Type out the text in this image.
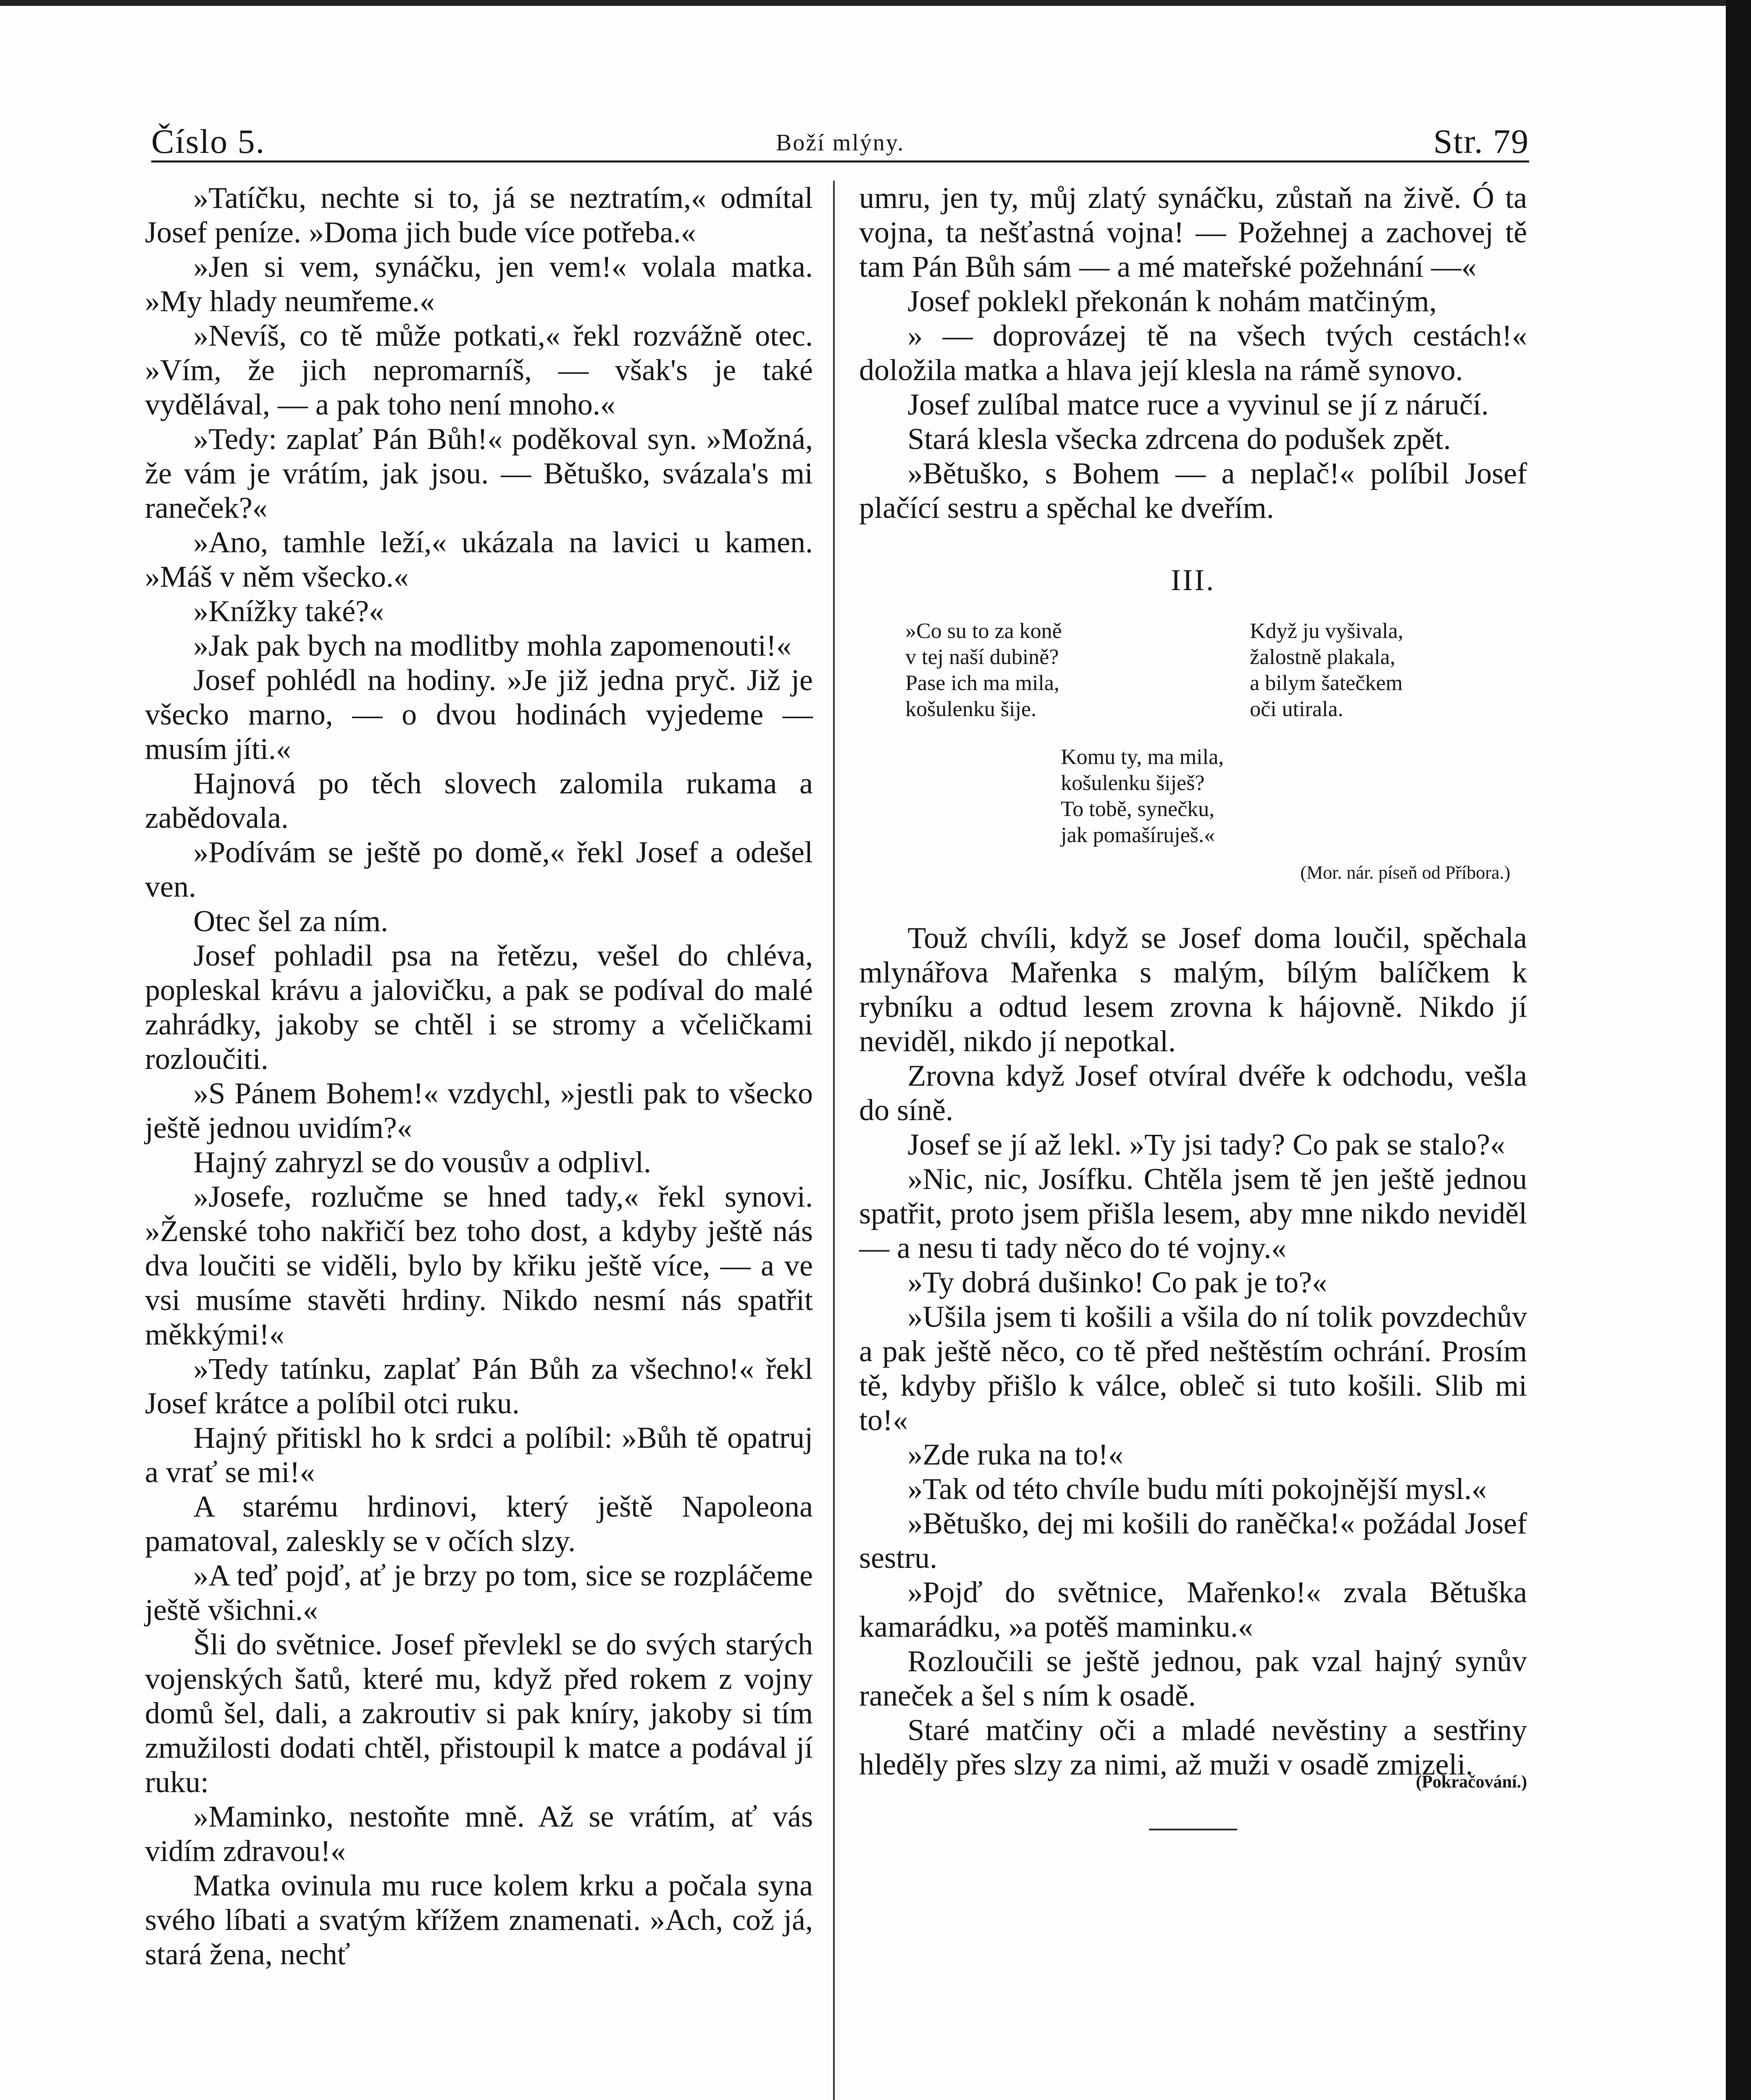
Číslo 5.	Boží mlýny.	Str. 79

»Tatíčku, nechte si to, já se neztratím,« odmítal Josef peníze. »Doma jich bude více potřeba.«

»Jen si vem, synáčku, jen vem!« volala matka. »My hlady neumřeme.«

»Nevíš, co tě může potkati,« řekl rozvážně otec. »Vím, že jich nepromarníš, — však's je také vydělával, — a pak toho není mnoho.«

»Tedy: zaplať Pán Bůh!« poděkoval syn. »Možná, že vám je vrátím, jak jsou. — Bětuško, svázala's mi raneček?«

»Ano, tamhle leží,« ukázala na lavici u kamen. »Máš v něm všecko.«

»Knížky také?«

»Jak pak bych na modlitby mohla zapomenouti!«

Josef pohlédl na hodiny. »Je již jedna pryč. Již je všecko marno, — o dvou hodinách vyjedeme — musím jíti.«

Hajnová po těch slovech zalomila rukama a zabědovala.

»Podívám se ještě po domě,« řekl Josef a odešel ven.

Otec šel za ním.

Josef pohladil psa na řetězu, vešel do chléva, popleskal krávu a jalovičku, a pak se podíval do malé zahrádky, jakoby se chtěl i se stromy a včeličkami rozloučiti.

»S Pánem Bohem!« vzdychl, »jestli pak to všecko ještě jednou uvidím?«

Hajný zahryzl se do vousův a odplivl.

»Josefe, rozlučme se hned tady,« řekl synovi. »Ženské toho nakřičí bez toho dost, a kdyby ještě nás dva loučiti se viděli, bylo by křiku ještě více, — a ve vsi musíme stavěti hrdiny. Nikdo nesmí nás spatřit měkkými!«

»Tedy tatínku, zaplať Pán Bůh za všechno!« řekl Josef krátce a políbil otci ruku.

Hajný přitiskl ho k srdci a políbil: »Bůh tě opatruj a vrať se mi!«

A starému hrdinovi, který ještě Napoleona pamatoval, zaleskly se v očích slzy.

»A teď pojď, ať je brzy po tom, sice se rozpláčeme ještě všichni.«

Šli do světnice. Josef převlekl se do svých starých vojenských šatů, které mu, když před rokem z vojny domů šel, dali, a zakroutiv si pak kníry, jakoby si tím zmužilosti dodati chtěl, přistoupil k matce a podával jí ruku:

»Maminko, nestoňte mně. Až se vrátím, ať vás vidím zdravou!«

Matka ovinula mu ruce kolem krku a počala syna svého líbati a svatým křížem znamenati. »Ach, což já, stará žena, nechť

umru, jen ty, můj zlatý synáčku, zůstaň na živě. Ó ta vojna, ta nešťastná vojna! — Požehnej a zachovej tě tam Pán Bůh sám — a mé mateřské požehnání —«

Josef poklekl překonán k nohám matčiným,

» — doprovázej tě na všech tvých cestách!« doložila matka a hlava její klesla na rámě synovo.

Josef zulíbal matce ruce a vyvinul se jí z náručí.

Stará klesla všecka zdrcena do podušek zpět.

»Bětuško, s Bohem — a neplač!« políbil Josef plačící sestru a spěchal ke dveřím.

III.
»Co su to za koně
v tej naší dubině?
Pase ich ma mila,
košulenku šije.
Když ju vyšivala,
žalostně plakala,
a bilym šatečkem
oči utirala.
Komu ty, ma mila,
košulenku šiješ?
To tobě, synečku,
jak pomašíruješ.«
(Mor. nár. píseň od Příbora.)

Touž chvíli, když se Josef doma loučil, spěchala mlynářova Mařenka s malým, bílým balíčkem k rybníku a odtud lesem zrovna k hájovně. Nikdo jí neviděl, nikdo jí nepotkal.

Zrovna když Josef otvíral dvéře k odchodu, vešla do síně.

Josef se jí až lekl. »Ty jsi tady? Co pak se stalo?«

»Nic, nic, Josífku. Chtěla jsem tě jen ještě jednou spatřit, proto jsem přišla lesem, aby mne nikdo neviděl — a nesu ti tady něco do té vojny.«

»Ty dobrá dušinko! Co pak je to?«

»Ušila jsem ti košili a všila do ní tolik povzdechův a pak ještě něco, co tě před neštěstím ochrání. Prosím tě, kdyby přišlo k válce, obleč si tuto košili. Slib mi to!«

»Zde ruka na to!«

»Tak od této chvíle budu míti pokojnější mysl.«

»Bětuško, dej mi košili do raněčka!« požádal Josef sestru.

»Pojď do světnice, Mařenko!« zvala Bětuška kamarádku, »a potěš maminku.«

Rozloučili se ještě jednou, pak vzal hajný synův raneček a šel s ním k osadě.

Staré matčiny oči a mladé nevěstiny a sestřiny hleděly přes slzy za nimi, až muži v osadě zmizeli.

(Pokračování.)
